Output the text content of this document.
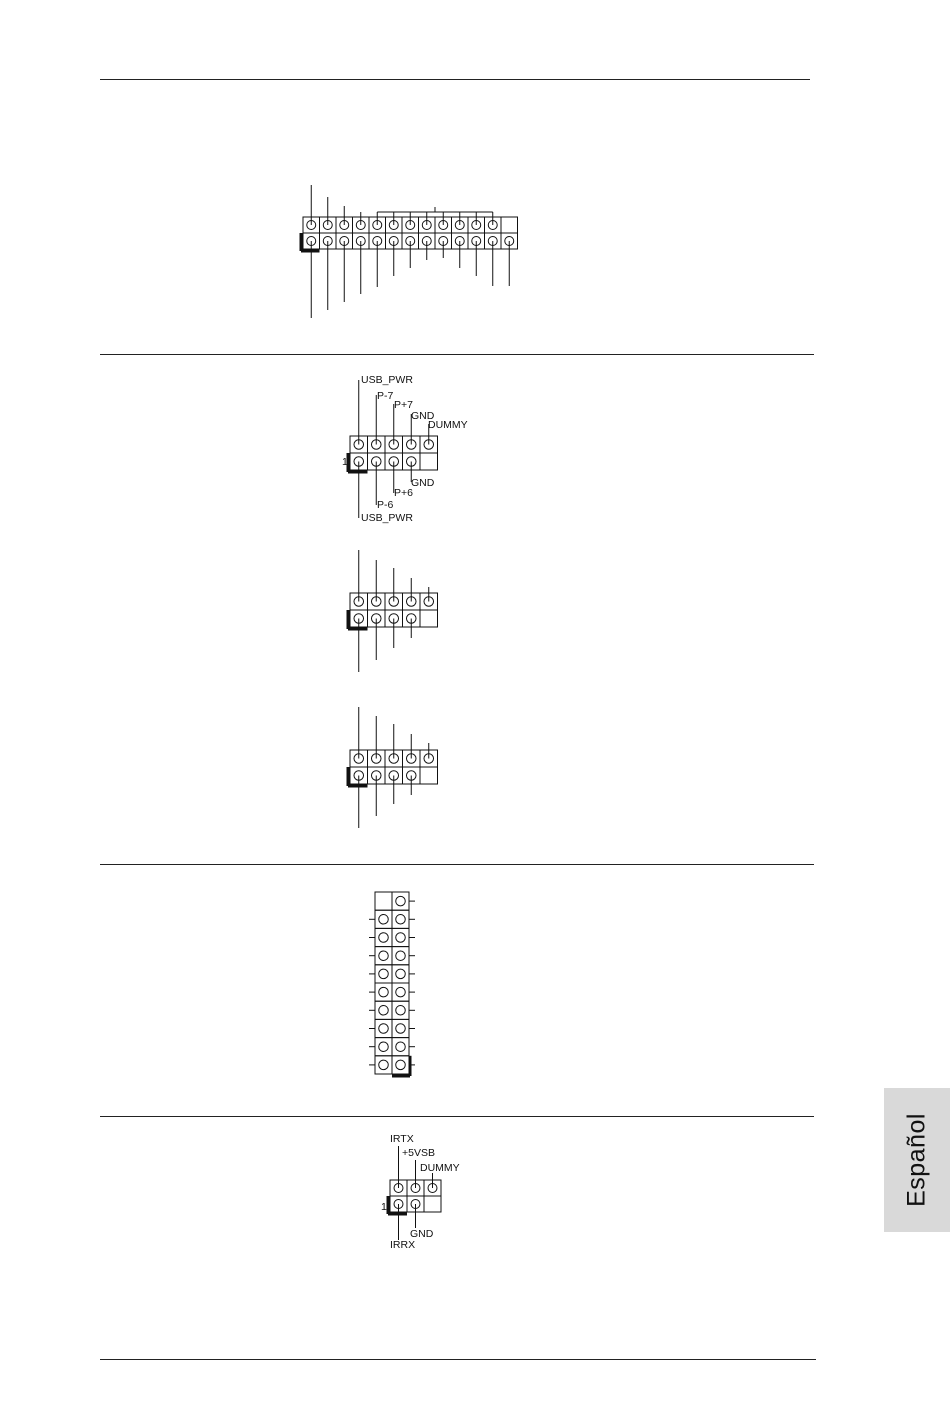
USB_PWR
P-7
P+7
GND
DUMMY
GND
P+6
P-6
USB_PWR
1
IRTX
+5VSB
DUMMY
GND
IRRX
1
Español
